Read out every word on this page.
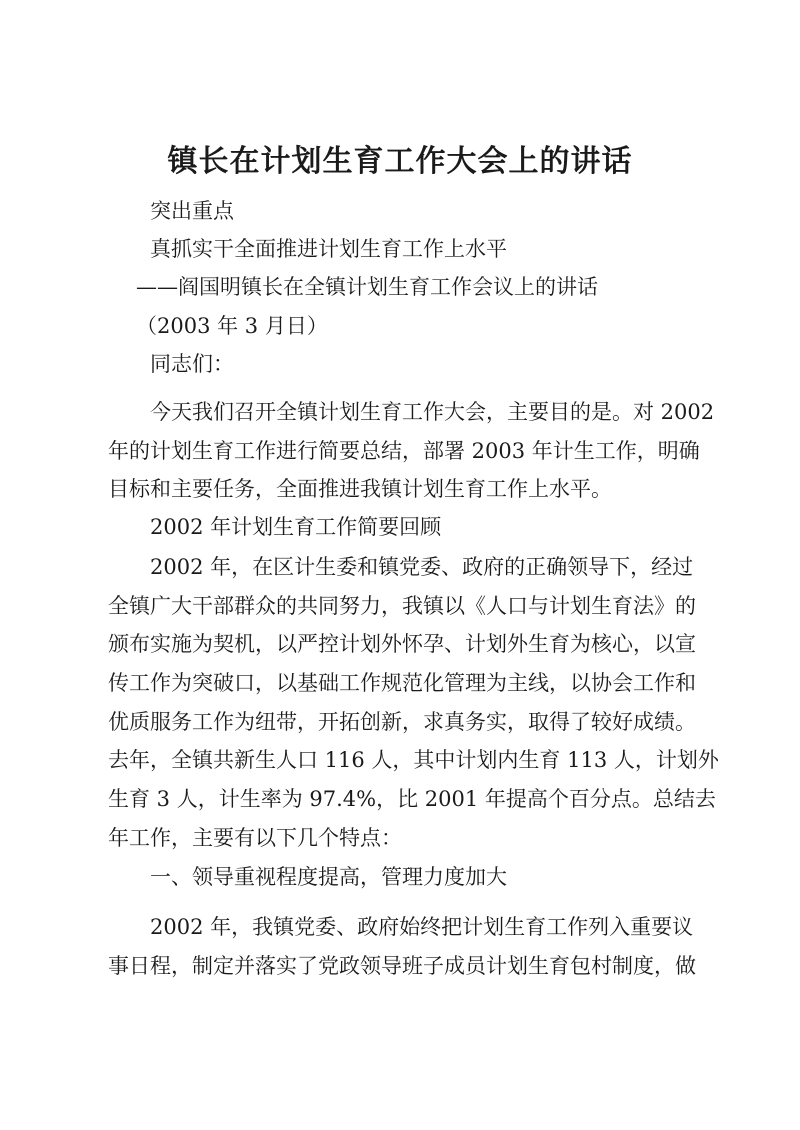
镇长在计划生育工作大会上的讲话
突出重点
真抓实干全面推进计划生育工作上水平
——阎国明镇长在全镇计划生育工作会议上的讲话
（2003 年 3 月日）
同志们：
今天我们召开全镇计划生育工作大会，主要目的是。对 2002
年的计划生育工作进行简要总结，部署 2003 年计生工作，明确
目标和主要任务，全面推进我镇计划生育工作上水平。
2002 年计划生育工作简要回顾
2002 年，在区计生委和镇党委、政府的正确领导下，经过
全镇广大干部群众的共同努力，我镇以《人口与计划生育法》的
颁布实施为契机，以严控计划外怀孕、计划外生育为核心，以宣
传工作为突破口，以基础工作规范化管理为主线，以协会工作和
优质服务工作为纽带，开拓创新，求真务实，取得了较好成绩。
去年，全镇共新生人口 116 人，其中计划内生育 113 人，计划外
生育 3 人，计生率为 97.4%，比 2001 年提高个百分点。总结去
年工作，主要有以下几个特点：
一、领导重视程度提高，管理力度加大
2002 年，我镇党委、政府始终把计划生育工作列入重要议
事日程，制定并落实了党政领导班子成员计划生育包村制度，做
